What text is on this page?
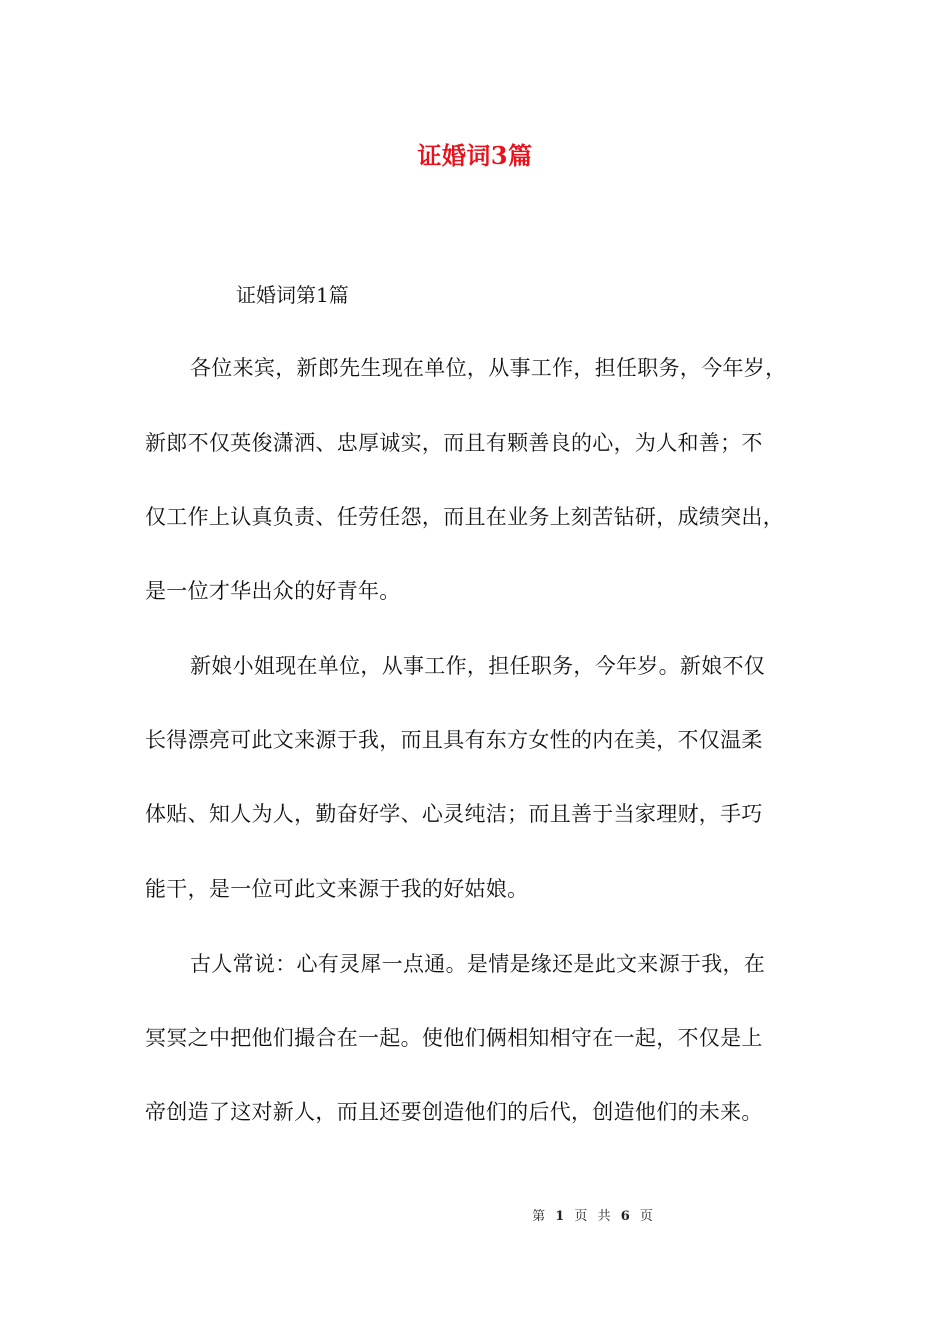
证婚词3篇
证婚词第1篇
各位来宾，新郎先生现在单位，从事工作，担任职务，今年岁，
新郎不仅英俊潇洒、忠厚诚实，而且有颗善良的心，为人和善；不
仅工作上认真负责、任劳任怨，而且在业务上刻苦钻研，成绩突出，
是一位才华出众的好青年。
新娘小姐现在单位，从事工作，担任职务，今年岁。新娘不仅
长得漂亮可此文来源于我，而且具有东方女性的内在美，不仅温柔
体贴、知人为人，勤奋好学、心灵纯洁；而且善于当家理财，手巧
能干，是一位可此文来源于我的好姑娘。
古人常说：心有灵犀一点通。是情是缘还是此文来源于我，在
冥冥之中把他们撮合在一起。使他们俩相知相守在一起，不仅是上
帝创造了这对新人，而且还要创造他们的后代，创造他们的未来。
第 1 页 共 6 页
